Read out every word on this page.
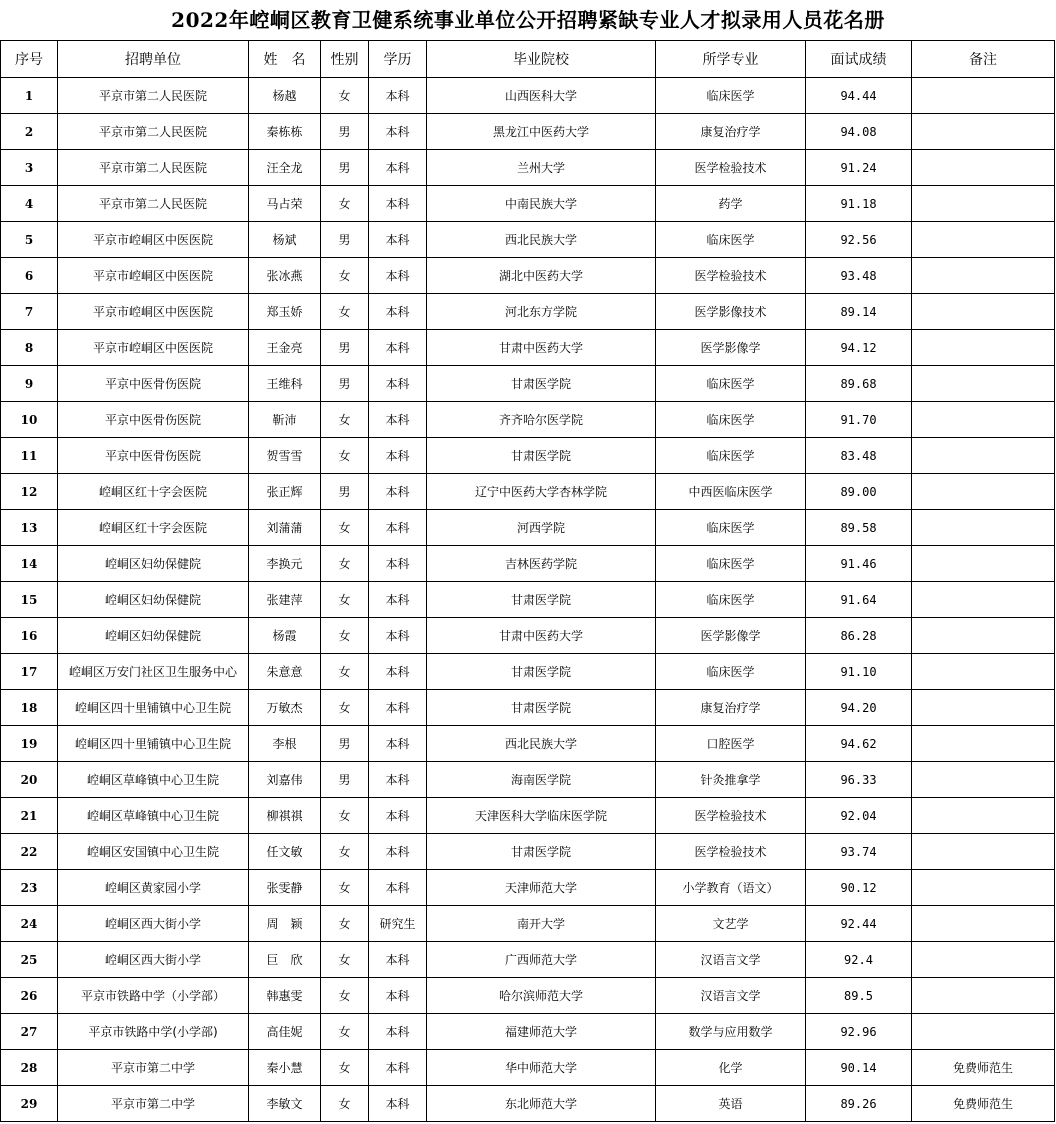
2022年崆峒区教育卫健系统事业单位公开招聘紧缺专业人才拟录用人员花名册
序号	招聘单位	姓　名	性别	学历	毕业院校	所学专业	面试成绩	备注
1	平京市第二人民医院	杨越	女	本科	山西医科大学	临床医学	94.44	
2	平京市第二人民医院	秦栋栋	男	本科	黑龙江中医药大学	康复治疗学	94.08	
3	平京市第二人民医院	汪全龙	男	本科	兰州大学	医学检验技术	91.24	
4	平京市第二人民医院	马占荣	女	本科	中南民族大学	药学	91.18	
5	平京市崆峒区中医医院	杨斌	男	本科	西北民族大学	临床医学	92.56	
6	平京市崆峒区中医医院	张冰燕	女	本科	湖北中医药大学	医学检验技术	93.48	
7	平京市崆峒区中医医院	郑玉娇	女	本科	河北东方学院	医学影像技术	89.14	
8	平京市崆峒区中医医院	王金亮	男	本科	甘肃中医药大学	医学影像学	94.12	
9	平京中医骨伤医院	王维科	男	本科	甘肃医学院	临床医学	89.68	
10	平京中医骨伤医院	靳沛	女	本科	齐齐哈尔医学院	临床医学	91.70	
11	平京中医骨伤医院	贺雪雪	女	本科	甘肃医学院	临床医学	83.48	
12	崆峒区红十字会医院	张正辉	男	本科	辽宁中医药大学杏林学院	中西医临床医学	89.00	
13	崆峒区红十字会医院	刘蒲蒲	女	本科	河西学院	临床医学	89.58	
14	崆峒区妇幼保健院	李换元	女	本科	吉林医药学院	临床医学	91.46	
15	崆峒区妇幼保健院	张建萍	女	本科	甘肃医学院	临床医学	91.64	
16	崆峒区妇幼保健院	杨霞	女	本科	甘肃中医药大学	医学影像学	86.28	
17	崆峒区万安门社区卫生服务中心	朱意意	女	本科	甘肃医学院	临床医学	91.10	
18	崆峒区四十里铺镇中心卫生院	万敏杰	女	本科	甘肃医学院	康复治疗学	94.20	
19	崆峒区四十里铺镇中心卫生院	李根	男	本科	西北民族大学	口腔医学	94.62	
20	崆峒区草峰镇中心卫生院	刘嘉伟	男	本科	海南医学院	针灸推拿学	96.33	
21	崆峒区草峰镇中心卫生院	柳祺祺	女	本科	天津医科大学临床医学院	医学检验技术	92.04	
22	崆峒区安国镇中心卫生院	任文敏	女	本科	甘肃医学院	医学检验技术	93.74	
23	崆峒区黄家园小学	张雯静	女	本科	天津师范大学	小学教育（语文）	90.12	
24	崆峒区西大街小学	周　颖	女	研究生	南开大学	文艺学	92.44	
25	崆峒区西大街小学	巨　欣	女	本科	广西师范大学	汉语言文学	92.4	
26	平京市铁路中学（小学部）	韩惠雯	女	本科	哈尔滨师范大学	汉语言文学	89.5	
27	平京市铁路中学(小学部)	高佳妮	女	本科	福建师范大学	数学与应用数学	92.96	
28	平京市第二中学	秦小慧	女	本科	华中师范大学	化学	90.14	免费师范生
29	平京市第二中学	李敏文	女	本科	东北师范大学	英语	89.26	免费师范生
